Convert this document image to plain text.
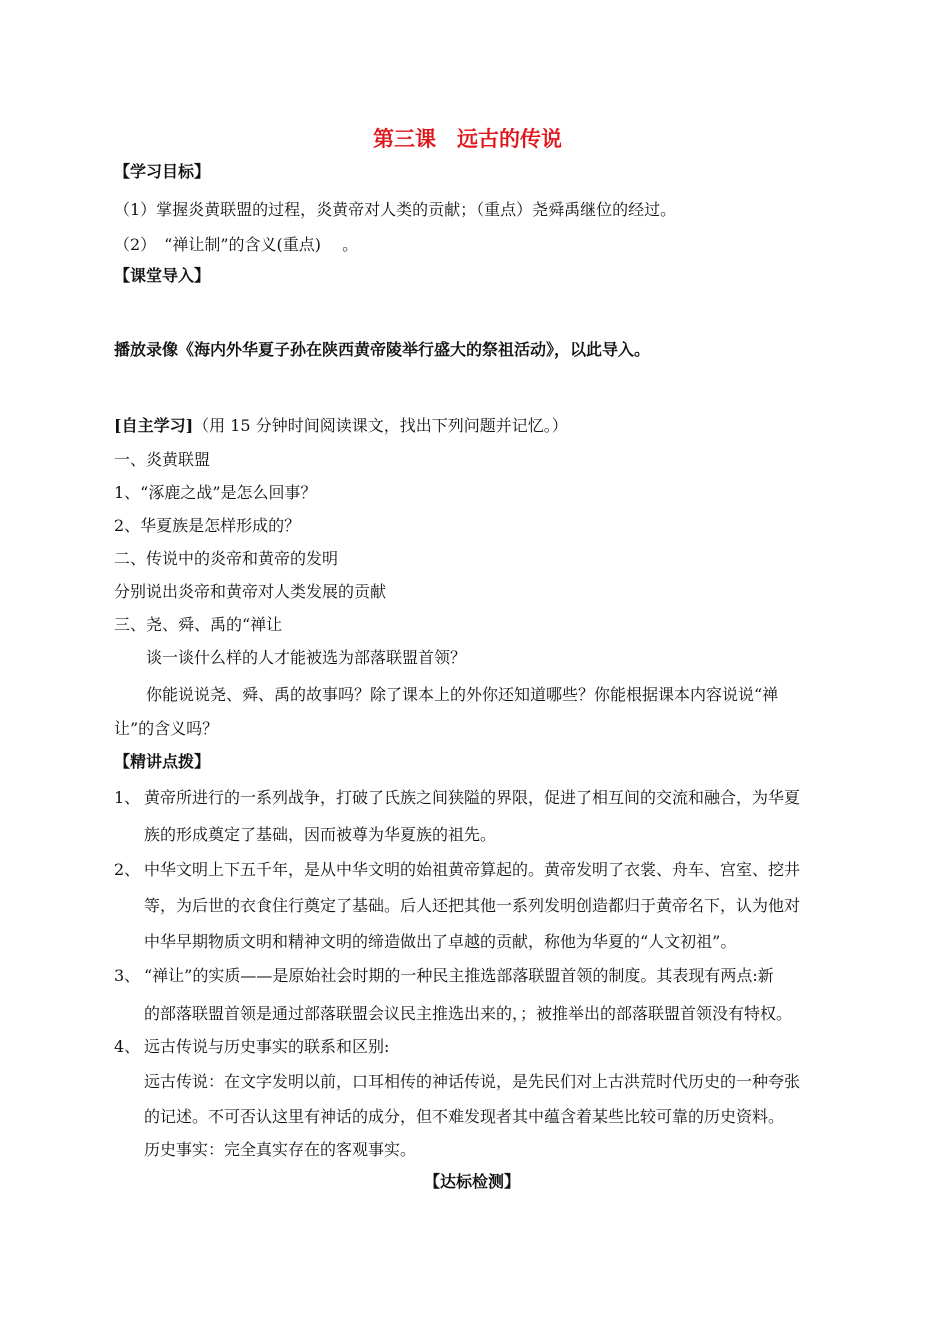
第三课　远古的传说
【学习目标】
（1）掌握炎黄联盟的过程，炎黄帝对人类的贡献；（重点）尧舜禹继位的经过。
（2）　“禅让制”的含义(重点) 　。
【课堂导入】
播放录像《海内外华夏子孙在陕西黄帝陵举行盛大的祭祖活动》，以此导入。
[自主学习]（用 15 分钟时间阅读课文，找出下列问题并记忆。）
一、炎黄联盟
1、“涿鹿之战”是怎么回事？
2、华夏族是怎样形成的？
二、传说中的炎帝和黄帝的发明
分别说出炎帝和黄帝对人类发展的贡献
三、尧、舜、禹的“禅让
谈一谈什么样的人才能被选为部落联盟首领？
你能说说尧、舜、禹的故事吗？除了课本上的外你还知道哪些？你能根据课本内容说说“禅
让”的含义吗？
【精讲点拨】
1、 黄帝所进行的一系列战争，打破了氏族之间狭隘的界限，促进了相互间的交流和融合，为华夏
族的形成奠定了基础，因而被尊为华夏族的祖先。
2、 中华文明上下五千年，是从中华文明的始祖黄帝算起的。黄帝发明了衣裳、舟车、宫室、挖井
等，为后世的衣食住行奠定了基础。后人还把其他一系列发明创造都归于黄帝名下，认为他对
中华早期物质文明和精神文明的缔造做出了卓越的贡献，称他为华夏的“人文初祖”。
3、 “禅让”的实质——是原始社会时期的一种民主推选部落联盟首领的制度。其表现有两点:新
的部落联盟首领是通过部落联盟会议民主推选出来的，；被推举出的部落联盟首领没有特权。
4、 远古传说与历史事实的联系和区别:
远古传说：在文字发明以前，口耳相传的神话传说，是先民们对上古洪荒时代历史的一种夸张
的记述。不可否认这里有神话的成分，但不难发现者其中蕴含着某些比较可靠的历史资料。
历史事实：完全真实存在的客观事实。
【达标检测】
